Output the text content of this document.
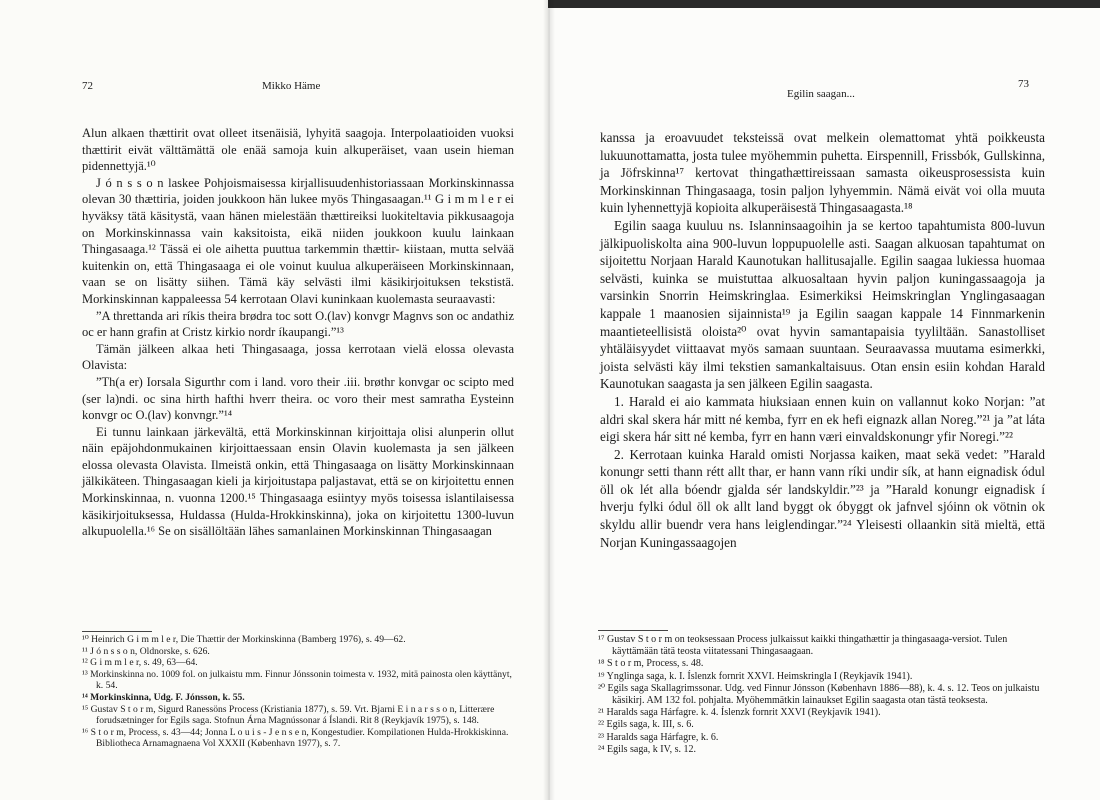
72	Mikko Häme
Egilin saagan...
73

Alun alkaen thættirit ovat olleet itsenäisiä, lyhyitä saagoja. Interpolaatioiden vuoksi thættirit eivät välttämättä ole enää samoja kuin alkuperäiset, vaan usein hieman pidennettyjä.¹⁰

J ó n s s o n laskee Pohjoismaisessa kirjallisuudenhistoriassaan Morkinskinnassa olevan 30 thættiria, joiden joukkoon hän lukee myös Thingasaagan.¹¹ G i m m l e r ei hyväksy tätä käsitystä, vaan hänen mielestään thættireiksi luokiteltavia pikkusaagoja on Morkinskinnassa vain kaksitoista, eikä niiden joukkoon kuulu lainkaan Thingasaaga.¹² Tässä ei ole aihetta puuttua tarkemmin thættir- kiistaan, mutta selvää kuitenkin on, että Thingasaaga ei ole voinut kuulua alkuperäiseen Morkinskinnaan, vaan se on lisätty siihen. Tämä käy selvästi ilmi käsikirjoituksen tekstistä. Morkinskinnan kappaleessa 54 kerrotaan Olavi kuninkaan kuolemasta seuraavasti:

”A threttanda ari ríkis theira brødra toc sott O.(lav) konvgr Magnvs son oc andathiz oc er hann grafin at Cristz kirkio nordr íkaupangi.”¹³

Tämän jälkeen alkaa heti Thingasaaga, jossa kerrotaan vielä elossa olevasta Olavista:

”Th(a er) Iorsala Sigurthr com i land. voro their .iii. brøthr konvgar oc scipto med (ser la)ndi. oc sina hirth hafthi hverr theira. oc voro their mest samratha Eysteinn konvgr oc O.(lav) konvngr.”¹⁴

Ei tunnu lainkaan järkevältä, että Morkinskinnan kirjoittaja olisi alunperin ollut näin epäjohdonmukainen kirjoittaessaan ensin Olavin kuolemasta ja sen jälkeen elossa olevasta Olavista. Ilmeistä onkin, että Thingasaaga on lisätty Morkinskinnaan jälkikäteen. Thingasaagan kieli ja kirjoitustapa paljastavat, että se on kirjoitettu ennen Morkinskinnaa, n. vuonna 1200.¹⁵ Thingasaaga esiintyy myös toisessa islantilaisessa käsikirjoituksessa, Huldassa (Hulda-Hrokkinskinna), joka on kirjoitettu 1300-luvun alkupuolella.¹⁶ Se on sisällöltään lähes samanlainen Morkinskinnan Thingasaagan

¹⁰ Heinrich G i m m l e r, Die Thættir der Morkinskinna (Bamberg 1976), s. 49—62.

¹¹ J ó n s s o n, Oldnorske, s. 626.

¹² G i m m l e r, s. 49, 63—64.

¹³ Morkinskinna no. 1009 fol. on julkaistu mm. Finnur Jónssonin toimesta v. 1932, mitä painosta olen käyttänyt, k. 54.

¹⁴ Morkinskinna, Udg. F. Jónsson, k. 55.

¹⁵ Gustav S t o r m, Sigurd Ranessöns Process (Kristiania 1877), s. 59. Vrt. Bjarni E i n a r s s o n, Litterære forudsætninger for Egils saga. Stofnun Árna Magnússonar á Íslandi. Rit 8 (Reykjavík 1975), s. 148.

¹⁶ S t o r m, Process, s. 43—44; Jonna L o u i s - J e n s e n, Kongestudier. Kompilationen Hulda-Hrokkiskinna. Bibliotheca Arnamagnaena Vol XXXII (København 1977), s. 7.

kanssa ja eroavuudet teksteissä ovat melkein olemattomat yhtä poikkeusta lukuunottamatta, josta tulee myöhemmin puhetta. Eirspennill, Frissbók, Gullskinna, ja Jöfrskinna¹⁷ kertovat thingathættireissaan samasta oikeusprosessista kuin Morkinskinnan Thingasaaga, tosin paljon lyhyemmin. Nämä eivät voi olla muuta kuin lyhennettyjä kopioita alkuperäisestä Thingasaagasta.¹⁸

Egilin saaga kuuluu ns. Islanninsaagoihin ja se kertoo tapahtumista 800-luvun jälkipuoliskolta aina 900-luvun loppupuolelle asti. Saagan alkuosan tapahtumat on sijoitettu Norjaan Harald Kaunotukan hallitusajalle. Egilin saagaa lukiessa huomaa selvästi, kuinka se muistuttaa alkuosaltaan hyvin paljon kuningassaagoja ja varsinkin Snorrin Heimskringlaa. Esimerkiksi Heimskringlan Ynglingasaagan kappale 1 maanosien sijainnista¹⁹ ja Egilin saagan kappale 14 Finnmarkenin maantieteellisistä oloista²⁰ ovat hyvin samantapaisia tyyliltään. Sanastolliset yhtäläisyydet viittaavat myös samaan suuntaan. Seuraavassa muutama esimerkki, joista selvästi käy ilmi tekstien samankaltaisuus. Otan ensin esiin kohdan Harald Kaunotukan saagasta ja sen jälkeen Egilin saagasta.

1. Harald ei aio kammata hiuksiaan ennen kuin on vallannut koko Norjan: ”at aldri skal skera hár mitt né kemba, fyrr en ek hefi eignazk allan Noreg.”²¹ ja ”at láta eigi skera hár sitt né kemba, fyrr en hann væri einvaldskonungr yfir Noregi.”²²

2. Kerrotaan kuinka Harald omisti Norjassa kaiken, maat sekä vedet: ”Harald konungr setti thann rétt allt thar, er hann vann ríki undir sík, at hann eignadisk ódul öll ok lét alla bóendr gjalda sér landskyldir.”²³ ja ”Harald konungr eignadisk í hverju fylki ódul öll ok allt land byggt ok óbyggt ok jafnvel sjóinn ok vötnin ok skyldu allir buendr vera hans leiglendingar.”²⁴ Yleisesti ollaankin sitä mieltä, että Norjan Kuningassaagojen

¹⁷ Gustav S t o r m on teoksessaan Process julkaissut kaikki thingathættir ja thingasaaga-versiot. Tulen käyttämään tätä teosta viitatessani Thingasaagaan.

¹⁸ S t o r m, Process, s. 48.

¹⁹ Ynglinga saga, k. I. Íslenzk fornrit XXVI. Heimskringla I (Reykjavík 1941).

²⁰ Egils saga Skallagrimssonar. Udg. ved Finnur Jónsson (København 1886—88), k. 4. s. 12. Teos on julkaistu käsikirj. AM 132 fol. pohjalta. Myöhemmätkin lainaukset Egilin saagasta otan tästä teoksesta.

²¹ Haralds saga Hárfagre. k. 4. Íslenzk fornrit XXVI (Reykjavík 1941).

²² Egils saga, k. III, s. 6.

²³ Haralds saga Hárfagre, k. 6.

²⁴ Egils saga, k IV, s. 12.
